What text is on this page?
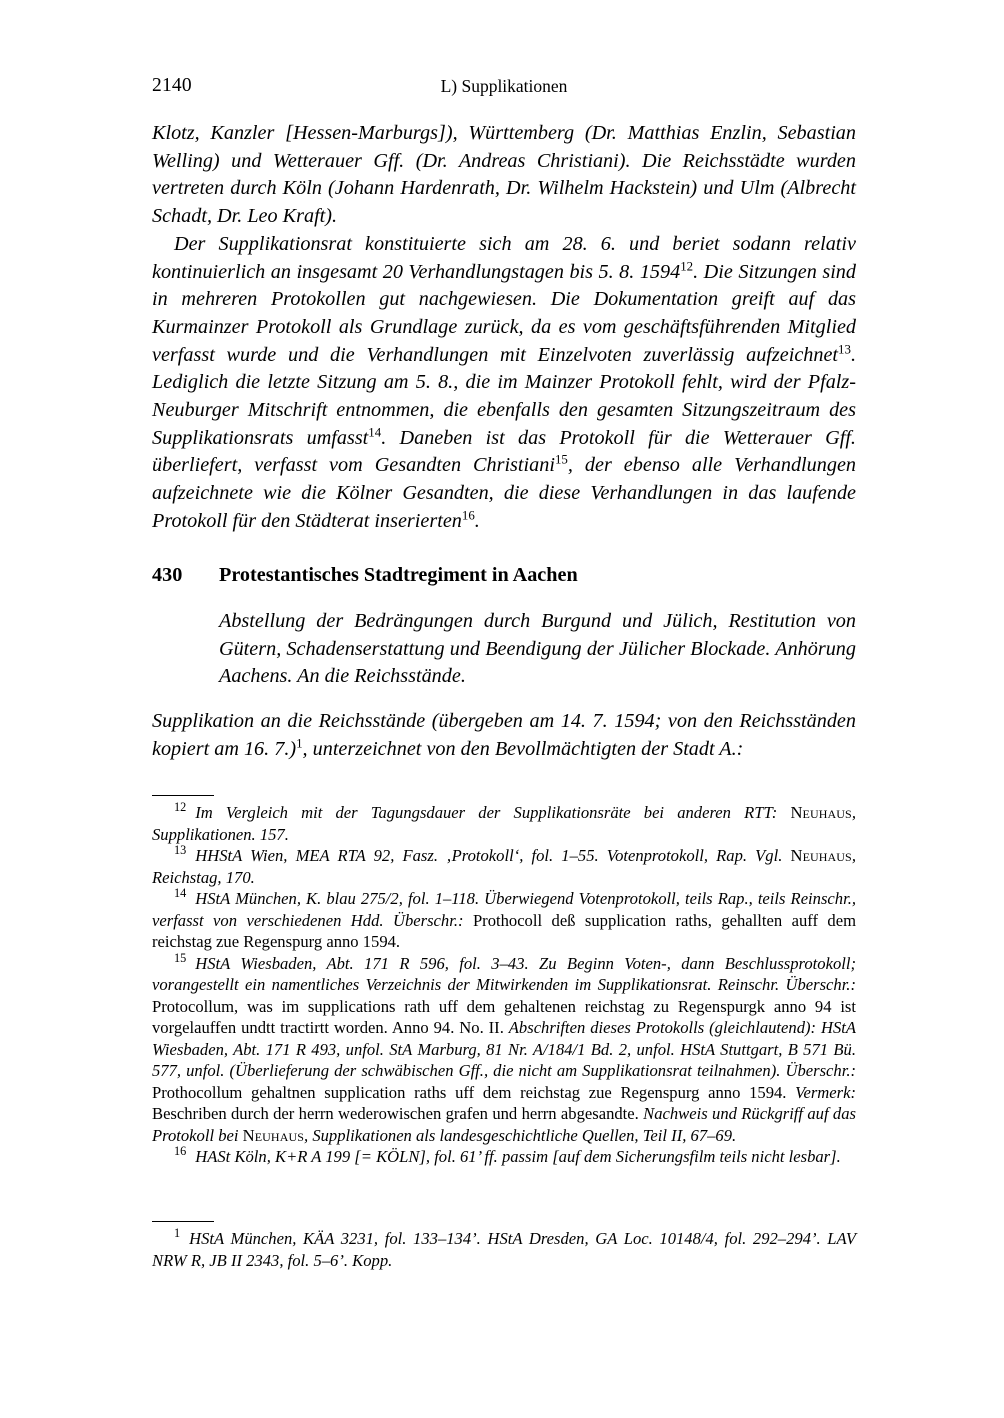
2140	L) Supplikationen

Klotz, Kanzler [Hessen-Marburgs]), Württemberg (Dr. Matthias Enzlin, Sebastian Welling) und Wetterauer Gff. (Dr. Andreas Christiani). Die Reichsstädte wurden vertreten durch Köln (Johann Hardenrath, Dr. Wilhelm Hackstein) und Ulm (Albrecht Schadt, Dr. Leo Kraft).

Der Supplikationsrat konstituierte sich am 28. 6. und beriet sodann relativ kontinuierlich an insgesamt 20 Verhandlungstagen bis 5. 8. 1594$^{12}$. Die Sitzungen sind in mehreren Protokollen gut nachgewiesen. Die Dokumentation greift auf das Kurmainzer Protokoll als Grundlage zurück, da es vom geschäftsführenden Mitglied verfasst wurde und die Verhandlungen mit Einzelvoten zuverlässig aufzeichnet$^{13}$. Lediglich die letzte Sitzung am 5. 8., die im Mainzer Protokoll fehlt, wird der Pfalz-Neuburger Mitschrift entnommen, die ebenfalls den gesamten Sitzungszeitraum des Supplikationsrats umfasst$^{14}$. Daneben ist das Protokoll für die Wetterauer Gff. überliefert, verfasst vom Gesandten Christiani$^{15}$, der ebenso alle Verhandlungen aufzeichnete wie die Kölner Gesandten, die diese Verhandlungen in das laufende Protokoll für den Städterat inserierten$^{16}$.

430 Protestantisches Stadtregiment in Aachen
Abstellung der Bedrängungen durch Burgund und Jülich, Restitution von Gütern, Schadenserstattung und Beendigung der Jülicher Blockade. Anhörung Aachens. An die Reichsstände.
Supplikation an die Reichsstände (übergeben am 14. 7. 1594; von den Reichsständen kopiert am 16. 7.)$^1$, unterzeichnet von den Bevollmächtigten der Stadt A.:

$^{12}$ Im Vergleich mit der Tagungsdauer der Supplikationsräte bei anderen RTT: Neuhaus, Supplikationen. 157.

$^{13}$ HHStA Wien, MEA RTA 92, Fasz. ‚Protokoll‘, fol. 1–55. Votenprotokoll, Rap. Vgl. Neuhaus, Reichstag, 170.

$^{14}$ HStA München, K. blau 275/2, fol. 1–118. Überwiegend Votenprotokoll, teils Rap., teils Reinschr., verfasst von verschiedenen Hdd. Überschr.: Prothocoll deß supplication raths, gehallten auff dem reichstag zue Regenspurg anno 1594.

$^{15}$ HStA Wiesbaden, Abt. 171 R 596, fol. 3–43. Zu Beginn Voten-, dann Beschlussprotokoll; vorangestellt ein namentliches Verzeichnis der Mitwirkenden im Supplikationsrat. Reinschr. Überschr.: Protocollum, was im supplications rath uff dem gehaltenen reichstag zu Regenspurgk anno 94 ist vorgelauffen undtt tractirtt worden. Anno 94. No. II. Abschriften dieses Protokolls (gleichlautend): HStA Wiesbaden, Abt. 171 R 493, unfol. StA Marburg, 81 Nr. A/184/1 Bd. 2, unfol. HStA Stuttgart, B 571 Bü. 577, unfol. (Überlieferung der schwäbischen Gff., die nicht am Supplikationsrat teilnahmen). Überschr.: Prothocollum gehaltnen supplication raths uff dem reichstag zue Regenspurg anno 1594. Vermerk: Beschriben durch der herrn wederowischen grafen und herrn abgesandte. Nachweis und Rückgriff auf das Protokoll bei Neuhaus, Supplikationen als landesgeschichtliche Quellen, Teil II, 67–69.

$^{16}$ HASt Köln, K+R A 199 [= KÖLN], fol. 61’ ff. passim [auf dem Sicherungsfilm teils nicht lesbar].

$^1$ HStA München, KÄA 3231, fol. 133–134’. HStA Dresden, GA Loc. 10148/4, fol. 292–294’. LAV NRW R, JB II 2343, fol. 5–6’. Kopp.
